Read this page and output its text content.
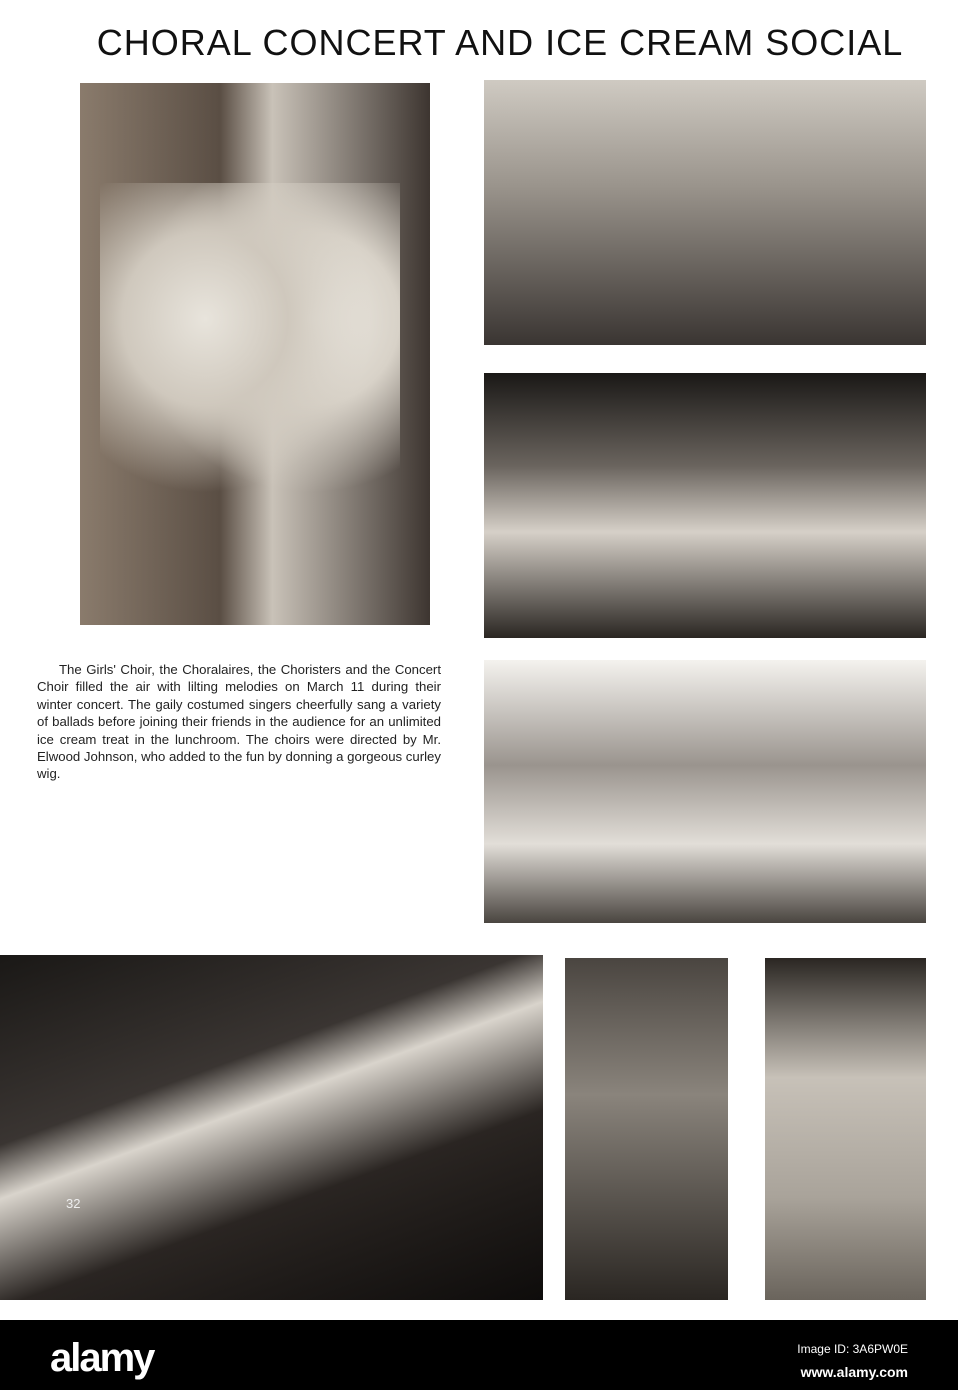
CHORAL CONCERT AND ICE CREAM SOCIAL
The Girls' Choir, the Choralaires, the Choristers and the Concert Choir filled the air with lilting melodies on March 11 during their winter concert. The gaily costumed singers cheerfully sang a variety of ballads before joining their friends in the audience for an unlimited ice cream treat in the lunchroom. The choirs were directed by Mr. Elwood Johnson, who added to the fun by donning a gorgeous curley wig.
32
alamy	Image ID: 3A6PW0E
www.alamy.com
